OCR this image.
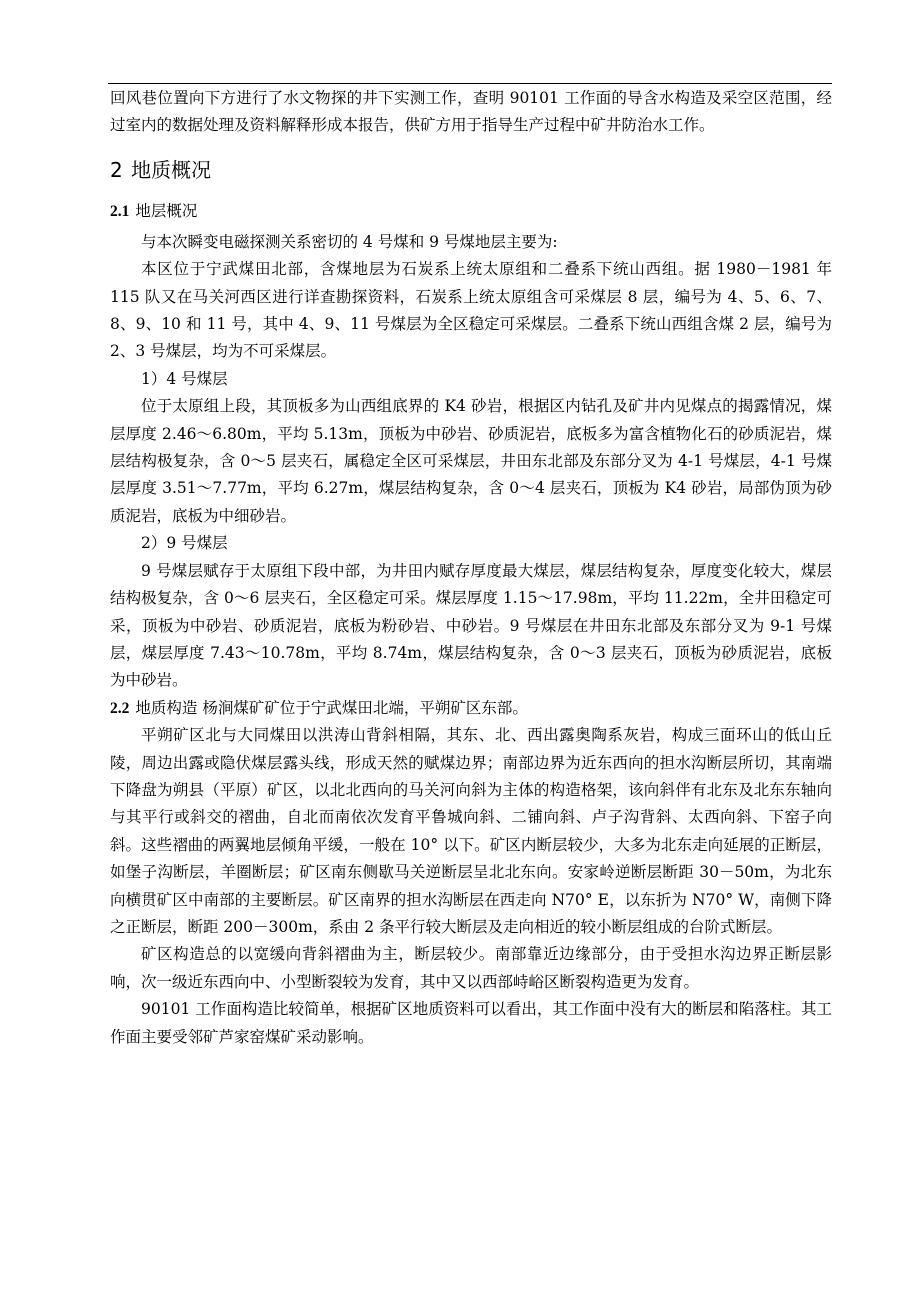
回风巷位置向下方进行了水文物探的井下实测工作，查明 90101 工作面的导含水构造及采空区范围，经过室内的数据处理及资料解释形成本报告，供矿方用于指导生产过程中矿井防治水工作。

2 地质概况
2.1 地层概况

与本次瞬变电磁探测关系密切的 4 号煤和 9 号煤地层主要为:

本区位于宁武煤田北部，含煤地层为石炭系上统太原组和二叠系下统山西组。据 1980－1981 年 115 队又在马关河西区进行详查勘探资料，石炭系上统太原组含可采煤层 8 层，编号为 4、5、6、7、8、9、10 和 11 号，其中 4、9、11 号煤层为全区稳定可采煤层。二叠系下统山西组含煤 2 层，编号为 2、3 号煤层，均为不可采煤层。

1）4 号煤层

位于太原组上段，其顶板多为山西组底界的 K4 砂岩，根据区内钻孔及矿井内见煤点的揭露情况，煤层厚度 2.46～6.80m，平均 5.13m，顶板为中砂岩、砂质泥岩，底板多为富含植物化石的砂质泥岩，煤层结构极复杂，含 0～5 层夹石，属稳定全区可采煤层，井田东北部及东部分叉为 4-1 号煤层，4-1 号煤层厚度 3.51～7.77m，平均 6.27m，煤层结构复杂，含 0～4 层夹石，顶板为 K4 砂岩，局部伪顶为砂质泥岩，底板为中细砂岩。

2）9 号煤层

9 号煤层赋存于太原组下段中部，为井田内赋存厚度最大煤层，煤层结构复杂，厚度变化较大，煤层结构极复杂，含 0～6 层夹石，全区稳定可采。煤层厚度 1.15～17.98m，平均 11.22m，全井田稳定可采，顶板为中砂岩、砂质泥岩，底板为粉砂岩、中砂岩。9 号煤层在井田东北部及东部分叉为 9-1 号煤层，煤层厚度 7.43～10.78m，平均 8.74m，煤层结构复杂，含 0～3 层夹石，顶板为砂质泥岩，底板为中砂岩。

2.2 地质构造 杨涧煤矿矿位于宁武煤田北端，平朔矿区东部。

平朔矿区北与大同煤田以洪涛山背斜相隔，其东、北、西出露奥陶系灰岩，构成三面环山的低山丘陵，周边出露或隐伏煤层露头线，形成天然的赋煤边界；南部边界为近东西向的担水沟断层所切，其南端下降盘为朔县（平原）矿区，以北北西向的马关河向斜为主体的构造格架，该向斜伴有北东及北东东轴向与其平行或斜交的褶曲，自北而南依次发育平鲁城向斜、二铺向斜、卢子沟背斜、太西向斜、下窑子向斜。这些褶曲的两翼地层倾角平缓，一般在 10° 以下。矿区内断层较少，大多为北东走向延展的正断层，如堡子沟断层，羊圈断层；矿区南东侧歇马关逆断层呈北北东向。安家岭逆断层断距 30－50m，为北东向横贯矿区中南部的主要断层。矿区南界的担水沟断层在西走向 N70° E，以东折为 N70° W，南侧下降之正断层，断距 200－300m，系由 2 条平行较大断层及走向相近的较小断层组成的台阶式断层。

矿区构造总的以宽缓向背斜褶曲为主，断层较少。南部靠近边缘部分，由于受担水沟边界正断层影响，次一级近东西向中、小型断裂较为发育，其中又以西部峙峪区断裂构造更为发育。

90101 工作面构造比较简单，根据矿区地质资料可以看出，其工作面中没有大的断层和陷落柱。其工作面主要受邻矿芦家窑煤矿采动影响。
